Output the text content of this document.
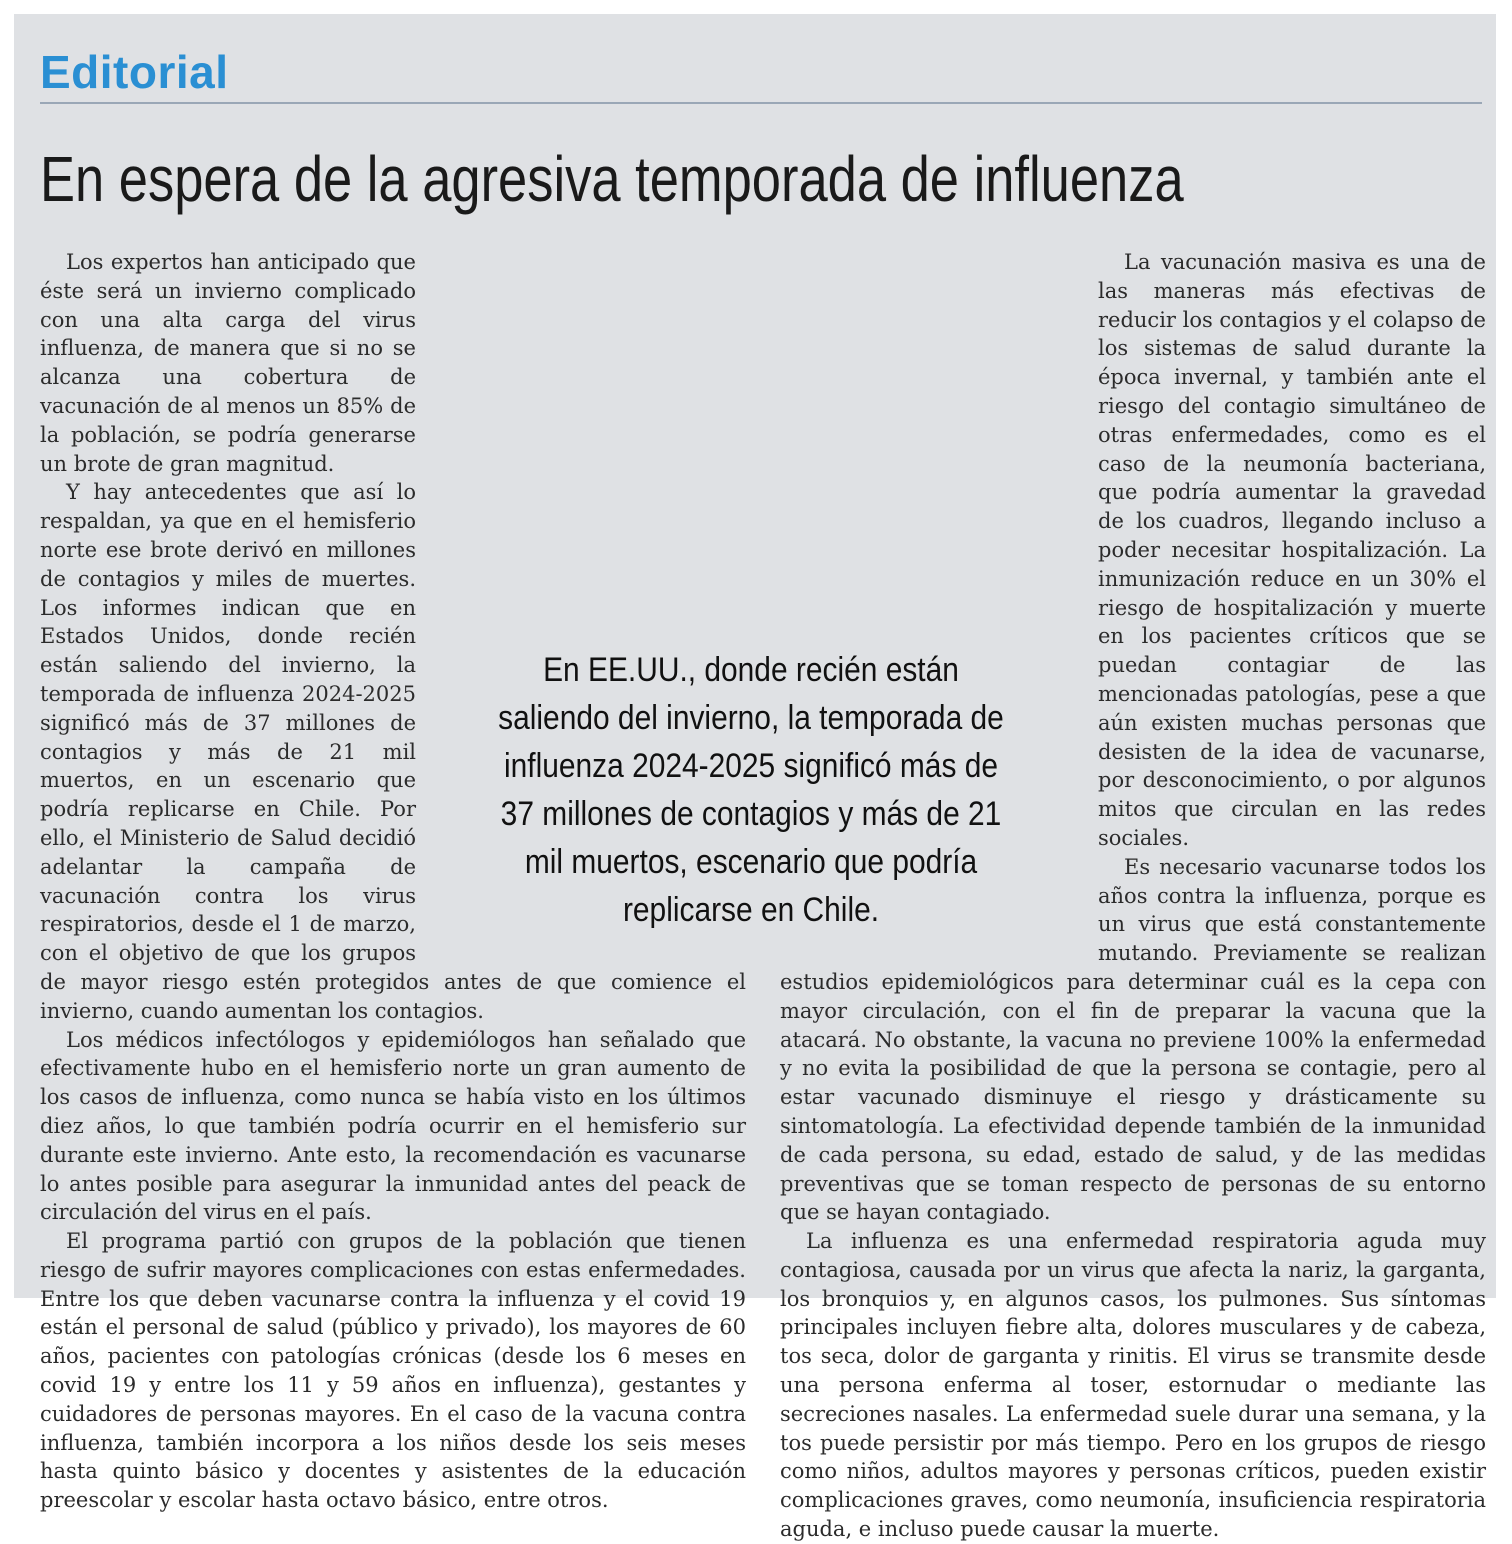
Editorial
En espera de la agresiva temporada de influenza

Los expertos han anticipado que éste será un invierno complicado con una alta carga del virus influenza, de manera que si no se alcanza una cobertura de vacunación de al menos un 85% de la población, se podría generarse un brote de gran magnitud.

Y hay antecedentes que así lo respaldan, ya que en el hemisferio norte ese brote derivó en millones de contagios y miles de muertes. Los informes indican que en Estados Unidos, donde recién están saliendo del invierno, la temporada de influenza 2024-2025 significó más de 37 millones de contagios y más de 21 mil muertos, en un escenario que podría replicarse en Chile. Por ello, el Ministerio de Salud decidió adelantar la campaña de vacunación contra los virus respiratorios, desde el 1 de marzo, con el objetivo de que los grupos de mayor riesgo estén protegidos antes de que comience el invierno, cuando aumentan los contagios.

Los médicos infectólogos y epidemiólogos han señalado que efectivamente hubo en el hemisferio norte un gran aumento de los casos de influenza, como nunca se había visto en los últimos diez años, lo que también podría ocurrir en el hemisferio sur durante este invierno. Ante esto, la recomendación es vacunarse lo antes posible para asegurar la inmunidad antes del peack de circulación del virus en el país.

El programa partió con grupos de la población que tienen riesgo de sufrir mayores complicaciones con estas enfermedades. Entre los que deben vacunarse contra la influenza y el covid 19 están el personal de salud (público y privado), los mayores de 60 años, pacientes con patologías crónicas (desde los 6 meses en covid 19 y entre los 11 y 59 años en influenza), gestantes y cuidadores de personas mayores. En el caso de la vacuna contra influenza, también incorpora a los niños desde los seis meses hasta quinto básico y docentes y asistentes de la educación preescolar y escolar hasta octavo básico, entre otros.

La vacunación masiva es una de las maneras más efectivas de reducir los contagios y el colapso de los sistemas de salud durante la época invernal, y también ante el riesgo del contagio simultáneo de otras enfermedades, como es el caso de la neumonía bacteriana, que podría aumentar la gravedad de los cuadros, llegando incluso a poder necesitar hospitalización. La inmunización reduce en un 30% el riesgo de hospitalización y muerte en los pacientes críticos que se puedan contagiar de las mencionadas patologías, pese a que aún existen muchas personas que desisten de la idea de vacunarse, por desconocimiento, o por algunos mitos que circulan en las redes sociales.

Es necesario vacunarse todos los años contra la influenza, porque es un virus que está constantemente mutando. Previamente se realizan estudios epidemiológicos para determinar cuál es la cepa con mayor circulación, con el fin de preparar la vacuna que la atacará. No obstante, la vacuna no previene 100% la enfermedad y no evita la posibilidad de que la persona se contagie, pero al estar vacunado disminuye el riesgo y drásticamente su sintomatología. La efectividad depende también de la inmunidad de cada persona, su edad, estado de salud, y de las medidas preventivas que se toman respecto de personas de su entorno que se hayan contagiado.

La influenza es una enfermedad respiratoria aguda muy contagiosa, causada por un virus que afecta la nariz, la garganta, los bronquios y, en algunos casos, los pulmones. Sus síntomas principales incluyen fiebre alta, dolores musculares y de cabeza, tos seca, dolor de garganta y rinitis. El virus se transmite desde una persona enferma al toser, estornudar o mediante las secreciones nasales. La enfermedad suele durar una semana, y la tos puede persistir por más tiempo. Pero en los grupos de riesgo como niños, adultos mayores y personas críticos, pueden existir complicaciones graves, como neumonía, insuficiencia respiratoria aguda, e incluso puede causar la muerte.

En EE.UU., donde recién están saliendo del invierno, la temporada de influenza 2024-2025 significó más de 37 millones de contagios y más de 21 mil muertos, escenario que podría replicarse en Chile.
